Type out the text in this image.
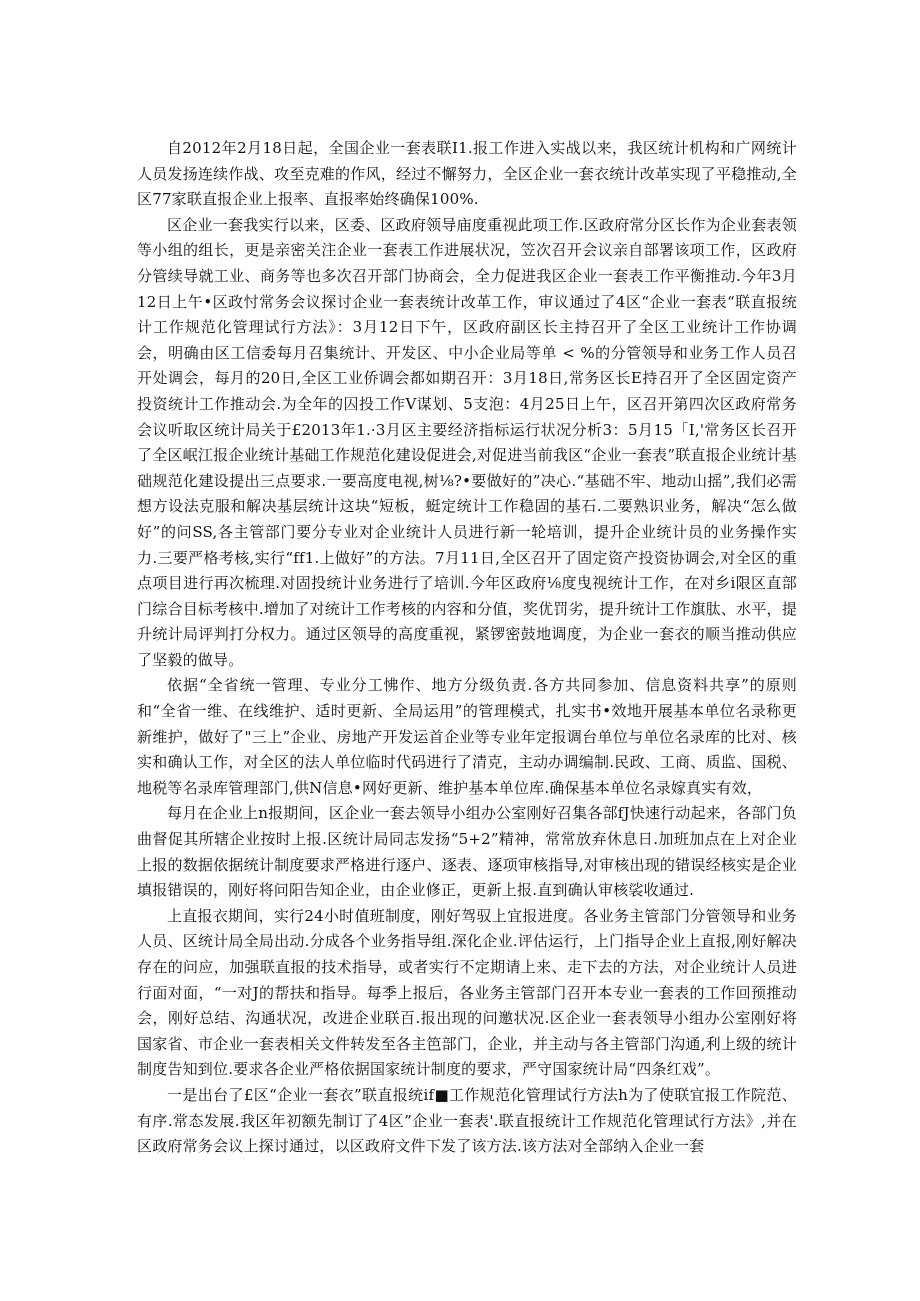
自2012年2月18日起，全国企业一套表联I1.报工作进入实战以来，我区统计机构和广网统计人员发扬连续作战、攻至克难的作风，经过不懈努力，全区企业一套衣统计改革实现了平稳推动,全区77家联直报企业上报率、直报率始终确保100%.

区企业一套我实行以来，区委、区政府领导庙度重视此项工作.区政府常分区长作为企业套表领等小组的组长，更是亲密关注企业一套表工作进展状况，笠次召开会议亲自部署该项工作，区政府分管续导就工业、商务等也多次召开部门协商会，全力促进我区企业一套表工作平衡推动.今年3月12日上午•区政忖常务会议探讨企业一套表统计改革工作，审议通过了4区“企业一套表“联直报统计工作规范化管理试行方法》：3月12日下午，区政府副区长主持召开了全区工业统计工作协调会，明确由区工信委每月召集统计、开发区、中小企业局等单 < %的分管领导和业务工作人员召开处调会，每月的20日,全区工业侨调会都如期召开：3月18日,常务区长E持召开了全区固定资产投资统计工作推动会.为全年的囚投工作V谋划、5支泡：4月25日上午，区召开第四次区政府常务会议听取区统计局关于£2013年1.·3月区主要经济指标运行状况分析3：5月15「I,'常务区长召开了全区岷江报企业统计基础工作规范化建设促进会,对促进当前我区“企业一套表”联直报企业统计基础规范化建设提出三点要求.一要高度电视,树⅛?•要做好的”决心.“基础不牢、地动山摇”,我们必需想方设法克服和解决基层统计这块“短板，蜓定统计工作稳固的基石.二要熟识业务，解决“怎么做好”的问SS,各主管部门要分专业对企业统计人员进行新一轮培训，提升企业统计员的业务操作实力.三要严格考核,实行“ff1.上做好”的方法。7月11日,全区召开了固定资产投资协调会,对全区的重点项目进行再次梳理.对固投统计业务进行了培训.今年区政府⅛度曳视统计工作，在对乡i限区直部门综合目标考核中.增加了对统计工作考核的内容和分值，奖优罚劣，提升统计工作旗肽、水平，提升统计局评判打分权力。通过区领导的高度重视，紧锣密鼓地调度，为企业一套衣的顺当推动供应了坚毅的做导。

依据“全省统一管理、专业分工怫作、地方分级负责.各方共同参加、信息资料共享”的原则和“全省一维、在线维护、适时更新、全局运用”的管理模式，扎实书•效地开展基本单位名录称更新维护，做好了"三上”企业、房地产开发运首企业等专业年定报调台单位与单位名录库的比对、核实和确认工作，对全区的法人单位临时代码进行了清克，主动办调编制.民政、工商、质监、国税、地税等名录库管理部门,供N信息•网好更新、维护基本单位库.确保基本单位名录嫁真实有效，

每月在企业上n报期间，区企业一套去领导小组办公室刚好召集各部fJ快速行动起来，各部门负曲督促其所辖企业按时上报.区统计局同志发扬“5+2”精神，常常放弃休息日.加班加点在上对企业上报的数据依据统计制度要求严格进行逐户、逐表、逐项审核指导,对审核出现的错误经核实是企业填报错误的，刚好将问阳告知企业，由企业修正，更新上报.直到确认审核裟收通过.

上直报衣期间，实行24小时值班制度，刚好驾驭上宜报进度。各业务主管部门分管领导和业务人员、区统计局全局出动.分成各个业务指导组.深化企业.评估运行，上门指导企业上直报,刚好解决存在的问应，加强联直报的技术指导，或者实行不定期请上来、走下去的方法，对企业统计人员进行面对面，“一对J的帮扶和指导。每季上报后，各业务主管部门召开本专业一套表的工作回预推动会，刚好总结、沟通状况，改进企业联百.报出现的问邀状况.区企业一套表领导小组办公室刚好将国家省、市企业一套表相关文件转发至各主笆部门，企业，并主动与各主管部门沟通,利上级的统计制度告知到位.要求各企业严格依据国家统计制度的要求，严守国家统计局“四条红戏”。

一是出台了£区“企业一套衣”联直报统if■工作规范化管理试行方法h为了使联宜报工作院范、有序.常态发展.我区年初额先制订了4区”企业一套表'.联直报统计工作规范化管理试行方法》,并在区政府常务会议上探讨通过，以区政府文件下发了该方法.该方法对全部纳入企业一套
